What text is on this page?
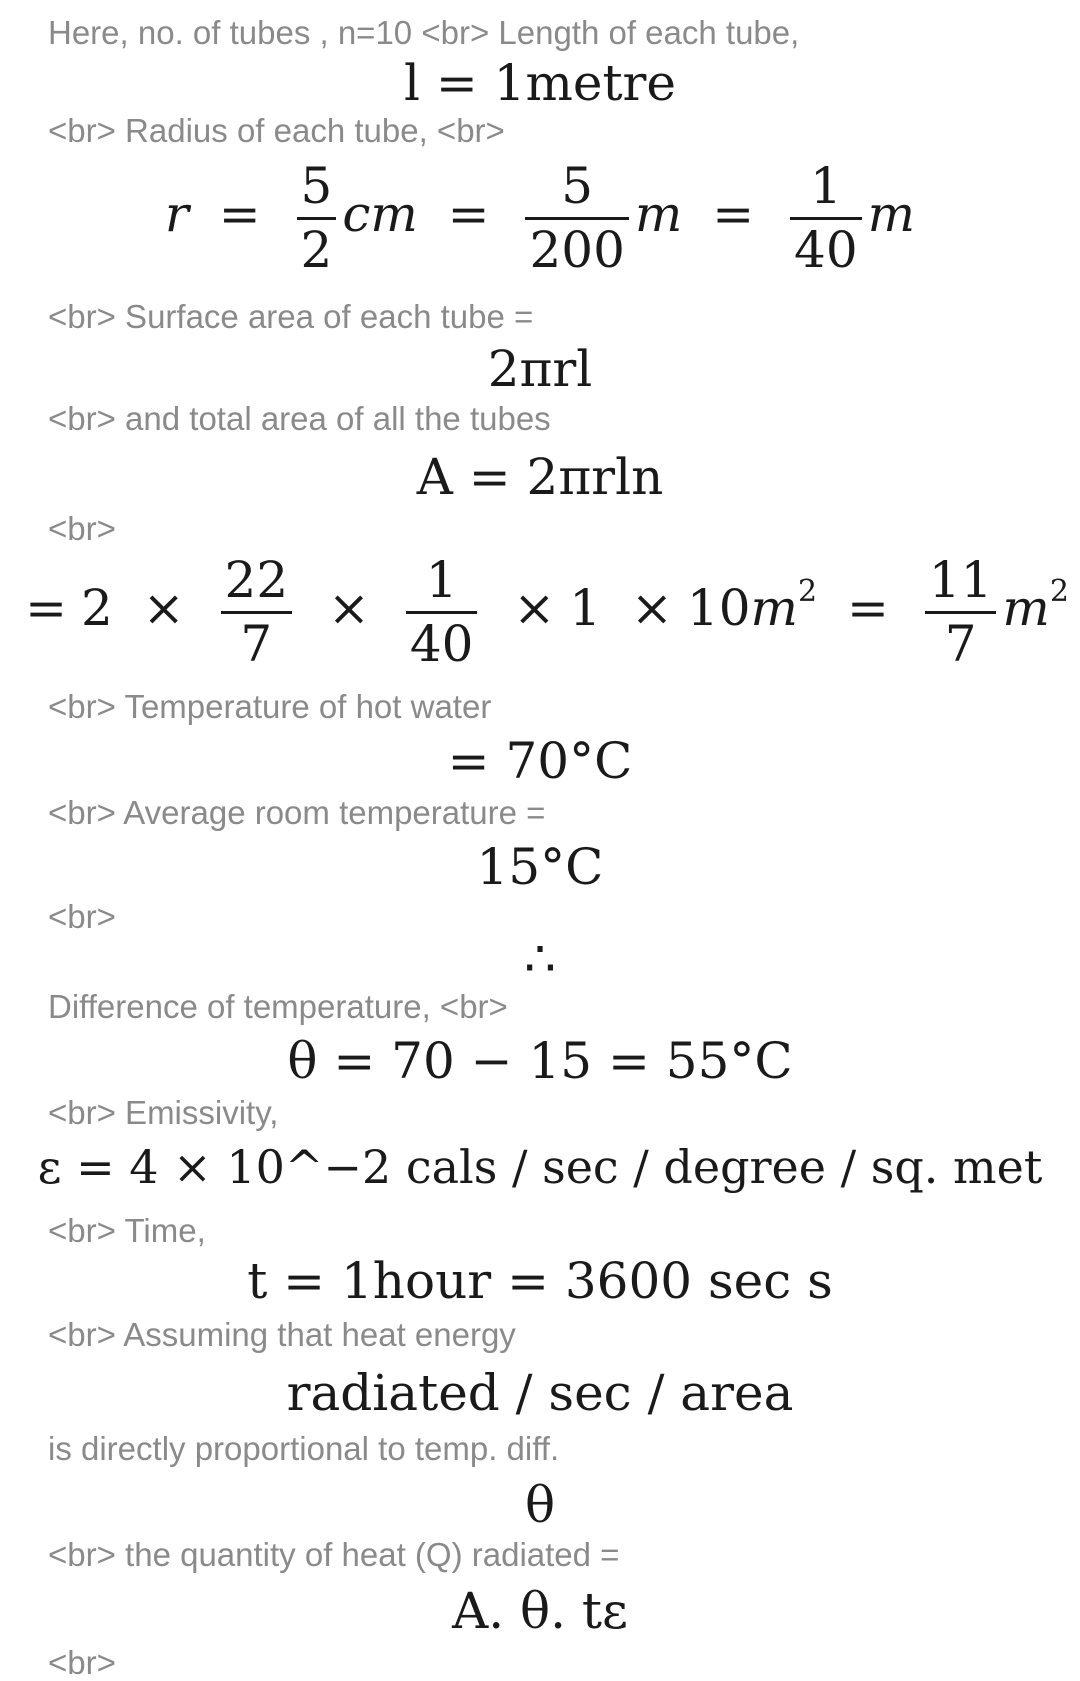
Here, no. of tubes , n=10 <br> Length of each tube,
l = 1metre
<br> Radius of each tube, <br>
$r = \frac{5}{2}$ cm = $\frac{5}{200}$ $m = \frac{1}{40}$ m
<br> Surface area of each tube =
2πrl
<br> and total area of all the tubes
A = 2πrln
<br>
= $2 \times \frac{22}{7} \times \frac{1}{40} \times 1 \times 10m^2 = \frac{11}{7} m^2$
<br> Temperature of hot water
= 70°C
<br> Average room temperature =
15°C
<br>
∴
Difference of temperature, <br>
θ = 70 − 15 = 55°C
<br> Emissivity,
ε = 4 × 10^−2 cals / sec / degree / sq. met
<br> Time,
t = 1hour = 3600 sec s
<br> Assuming that heat energy
radiated / sec / area
is directly proportional to temp. diff.
θ
<br> the quantity of heat (Q) radiated =
A. θ. tε
<br>
